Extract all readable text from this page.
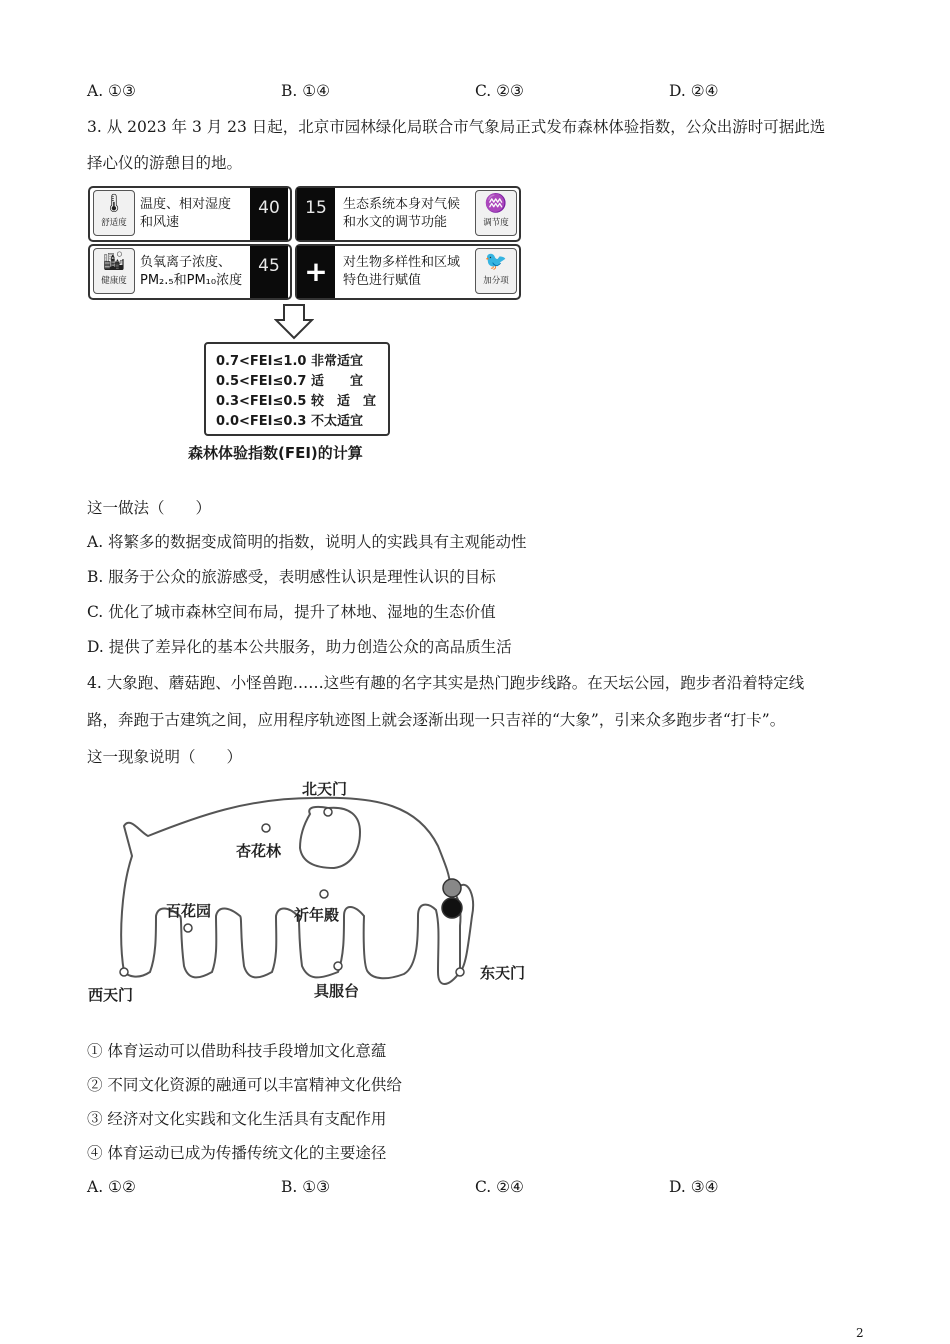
A. ①③	B. ①④	C. ②③	D. ②④
3. 从 2023 年 3 月 23 日起，北京市园林绿化局联合市气象局正式发布森林体验指数，公众出游时可据此选
择心仪的游憩目的地。
🌡
舒适度
温度、相对湿度
和风速
40	15	生态系统本身对气候
和水文的调节功能
♒
调节度
🏙
健康度
负氧离子浓度、
PM₂.₅和PM₁₀浓度
45 +	对生物多样性和区域
特色进行赋值
🐦
加分项
0.7<FEI≤1.0 非常适宜
0.5<FEI≤0.7 适　　宜
0.3<FEI≤0.5 较　适　宜
0.0<FEI≤0.3 不太适宜
森林体验指数(FEI)的计算
这一做法（　　）
A. 将繁多的数据变成简明的指数，说明人的实践具有主观能动性
B. 服务于公众的旅游感受，表明感性认识是理性认识的目标
C. 优化了城市森林空间布局，提升了林地、湿地的生态价值
D. 提供了差异化的基本公共服务，助力创造公众的高品质生活
4. 大象跑、蘑菇跑、小怪兽跑……这些有趣的名字其实是热门跑步线路。在天坛公园，跑步者沿着特定线
路，奔跑于古建筑之间，应用程序轨迹图上就会逐渐出现一只吉祥的“大象”，引来众多跑步者“打卡”。
这一现象说明（　　）
北天门
杏花林
百花园	祈年殿
西天门	具服台
东天门
① 体育运动可以借助科技手段增加文化意蕴
② 不同文化资源的融通可以丰富精神文化供给
③ 经济对文化实践和文化生活具有支配作用
④ 体育运动已成为传播传统文化的主要途径
A. ①②	B. ①③	C. ②④	D. ③④
2
